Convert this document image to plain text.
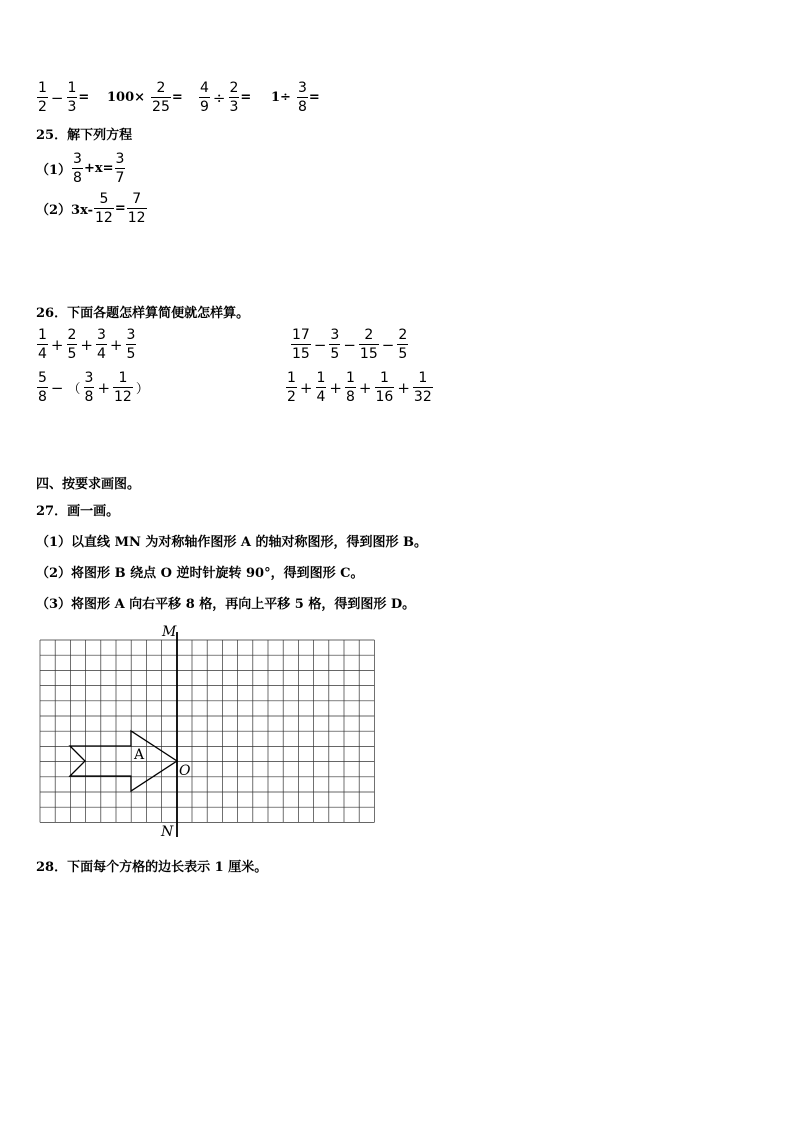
$\frac{1}{2} - \frac{1}{3} = 100\times \frac{2}{25} = \frac{4}{9} \div \frac{2}{3} = 1\div \frac{3}{8}$ =
25．解下列方程
$(1) \frac{3}{8} +x= \frac{3}{7}$
$(2)3x- \frac{5}{12} = \frac{7}{12}$
26．下面各题怎样算简便就怎样算。
$\frac{1}{4} + \frac{2}{5} + \frac{3}{4} + \frac{3}{5}$	$\frac{17}{15} - \frac{3}{5} - \frac{2}{15} - \frac{2}{5}$
$\frac{5}{8}$ − （ $\frac{3}{8} + \frac{1}{12}$ ）	$\frac{1}{2} + \frac{1}{4} + \frac{1}{8} + \frac{1}{16} + \frac{1}{32}$
四、按要求画图。
27．画一画。
（1）以直线 MN 为对称轴作图形 A 的轴对称图形，得到图形 B。
（2）将图形 B 绕点 O 逆时针旋转 90°，得到图形 C。
（3）将图形 A 向右平移 8 格，再向上平移 5 格，得到图形 D。
M
N
O
A
28．下面每个方格的边长表示 1 厘米。
